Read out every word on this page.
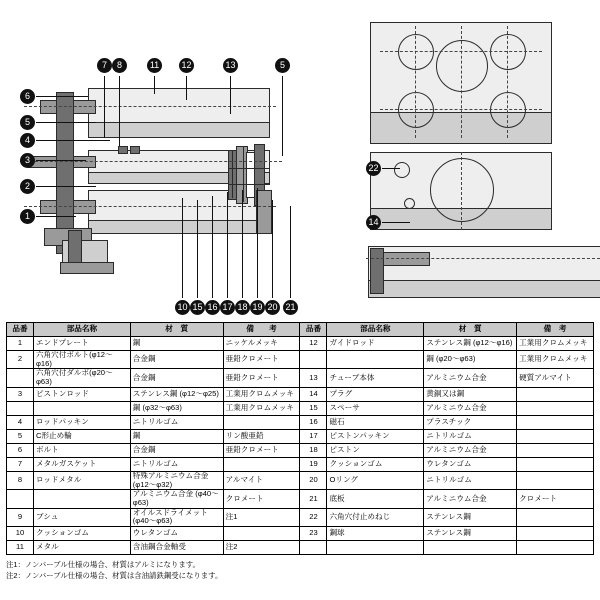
1
2
3
4
5
6
7	8	11	12	13	5
10 15 16 17 18 19 20 21
22
14
品番	部品名称	材　質	備　　考	品番	部品名称	材　質	備　考
1	エンドプレート	鋼	ニッケルメッキ	12	ガイドロッド	ステンレス鋼 (φ12～φ16)	工業用クロムメッキ
2	六角穴付ボルト(φ12～φ16)	合金鋼	亜鉛クロメート			鋼 (φ20～φ63)	工業用クロムメッキ
	六角穴付ダルボ(φ20～φ63)	合金鋼	亜鉛クロメート	13	チューブ本体	アルミニウム合金	硬質アルマイト
3	ピストンロッド	ステンレス鋼 (φ12～φ25)	工業用クロムメッキ	14	プラグ	黄銅又は鋼	
		鋼 (φ32～φ63)	工業用クロムメッキ	15	スペーサ	アルミニウム合金	
4	ロッドパッキン	ニトリルゴム		16	磁石	プラスチック	
5	C形止め輪	鋼	リン酸亜鉛	17	ピストンパッキン	ニトリルゴム	
6	ボルト	合金鋼	亜鉛クロメート	18	ピストン	アルミニウム合金	
7	メタルガスケット	ニトリルゴム		19	クッションゴム	ウレタンゴム	
8	ロッドメタル	特殊アルミニウム合金 (φ12～φ32)	アルマイト	20	Oリング	ニトリルゴム	
		アルミニウム合金 (φ40～φ63)	クロメート	21	底板	アルミニウム合金	クロメート
9	ブシュ	オイルスドライメット (φ40～φ63)	注1	22	六角穴付止めねじ	ステンレス鋼	
10	クッションゴム	ウレタンゴム		23	鋼球	ステンレス鋼	
11	メタル	含油鋼合金軸受	注2				
注1：ノンバーブル仕様の場合、材質はアルミになります。
注2：ノンバーブル仕様の場合、材質は含油請鉄鋼受になります。
